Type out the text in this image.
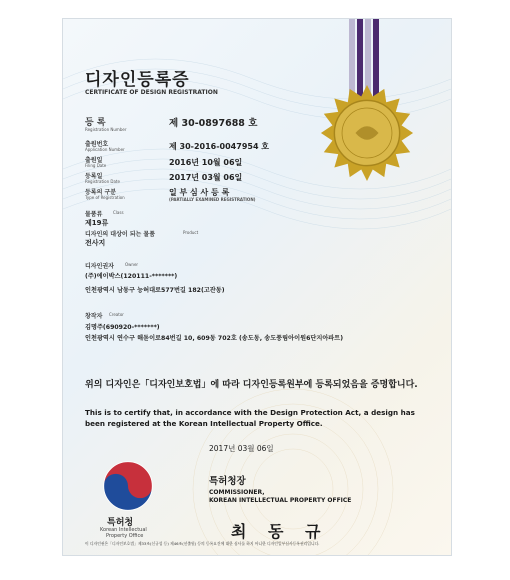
디자인등록증
CERTIFICATE OF DESIGN REGISTRATION
등 록
Registration Number
제 30-0897688 호
출원번호
Application Number	제 30-2016-0047954 호
출원일
Filing Date	2016년 10월 06일
등록일
Registration Date	2017년 03월 06일
등록의 구분
Type of Registration
일 부 심 사 등 록
(PARTIALLY EXAMINED REGISTRATION)
물품류	Class
제19류
디자인의 대상이 되는 물품	Product
전사지
디자인권자	Owner
(주)에이박스(120111-*******)
인천광역시 남동구 능허대로577번길 182(고잔동)
창작자 Creator
김명주(690920-*******)
인천광역시 연수구 해돋이로84번길 10, 609동 702호 (송도동, 송도풍림아이원6단지아파트)
위의 디자인은「디자인보호법」에 따라 디자인등록원부에 등록되었음을 증명합니다.
This is to certify that, in accordance with the Design Protection Act, a design has been registered at the Korean Intellectual Property Office.
2017년 03월 06일
특허청
Korean Intellectual
Property Office
특허청장
COMMISSIONER,
KOREAN INTELLECTUAL PROPERTY OFFICE
최 동 규
이 디자인권은「디자인보호법」제33조(신규성 등) 제46조(선출원) 등의 등록요건에 대한 심사를 하지 아니한 디자인일부심사등록권리입니다.
